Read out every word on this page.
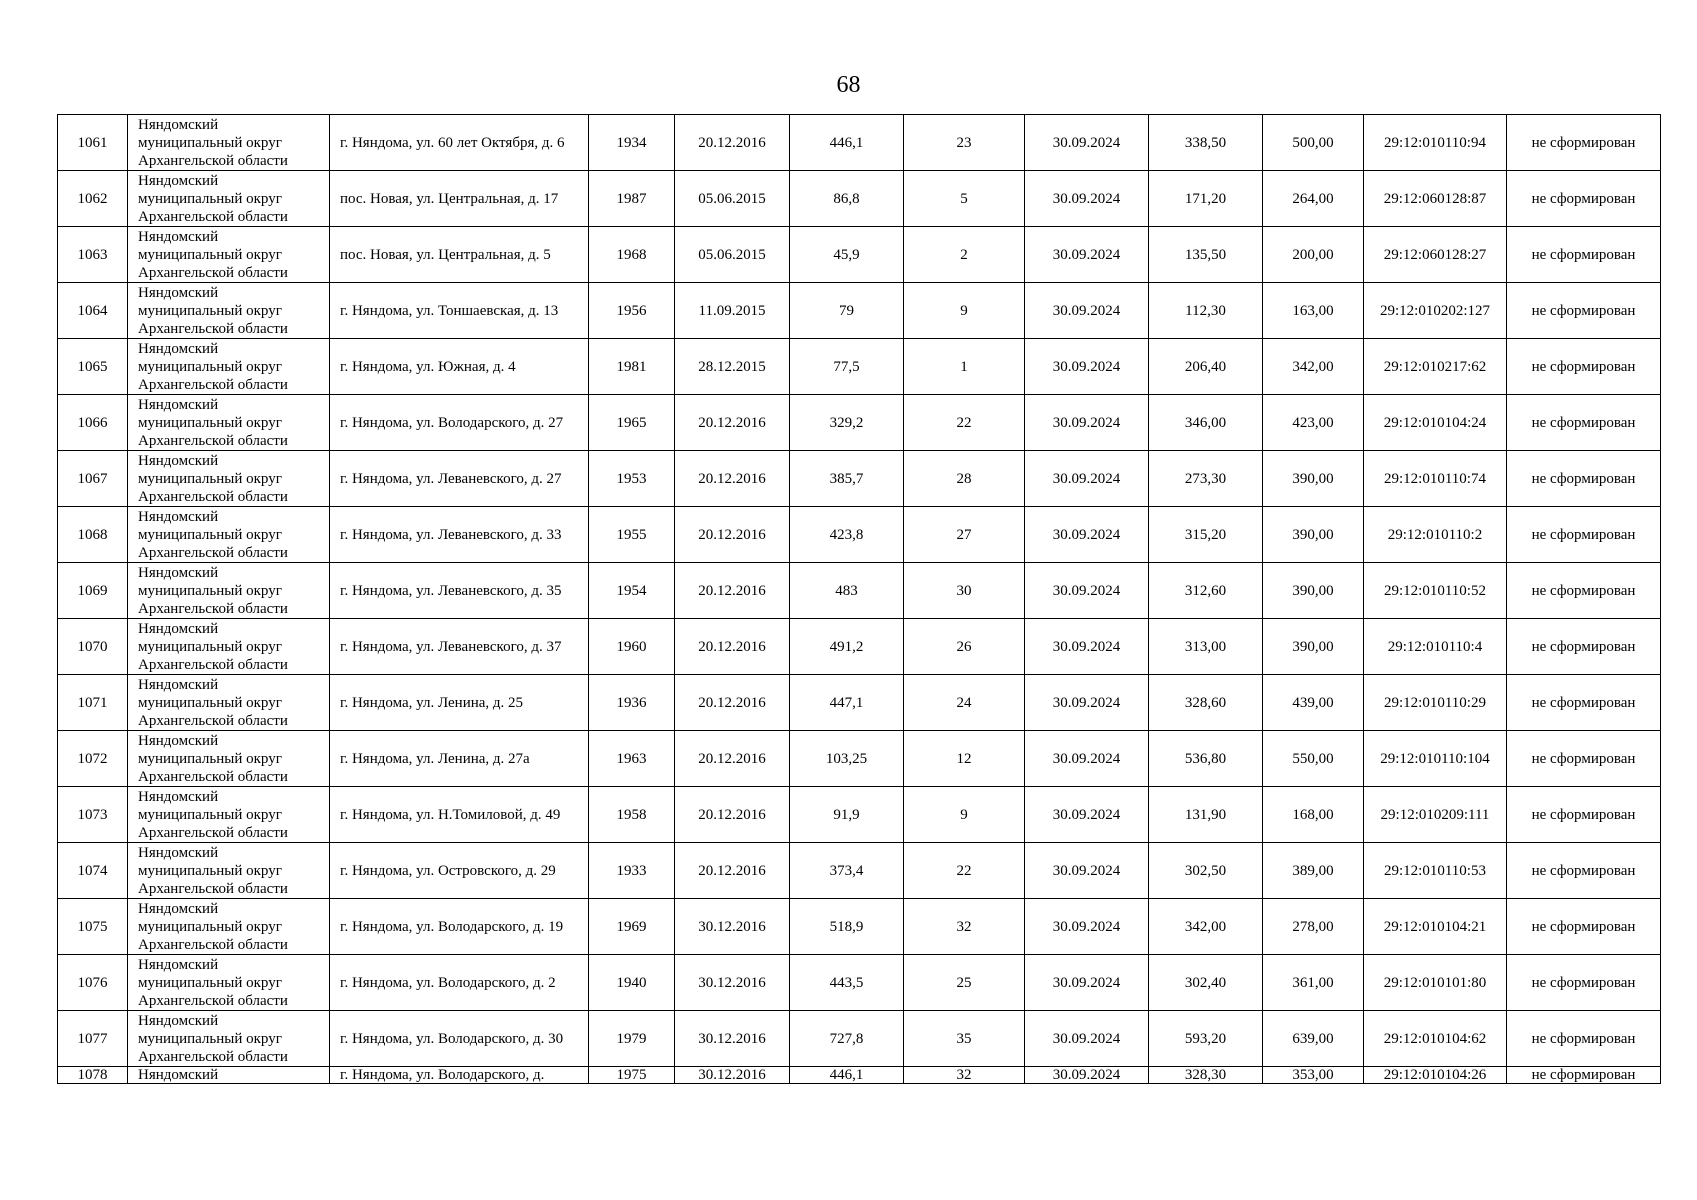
68
1061	Няндомский муниципальный округ Архангельской области	г. Няндома, ул. 60 лет Октября, д. 6	1934	20.12.2016	446,1	23	30.09.2024	338,50	500,00	29:12:010110:94	не сформирован
1062	Няндомский муниципальный округ Архангельской области	пос. Новая, ул. Центральная, д. 17	1987	05.06.2015	86,8	5	30.09.2024	171,20	264,00	29:12:060128:87	не сформирован
1063	Няндомский муниципальный округ Архангельской области	пос. Новая, ул. Центральная, д. 5	1968	05.06.2015	45,9	2	30.09.2024	135,50	200,00	29:12:060128:27	не сформирован
1064	Няндомский муниципальный округ Архангельской области	г. Няндома, ул. Тоншаевская, д. 13	1956	11.09.2015	79	9	30.09.2024	112,30	163,00	29:12:010202:127	не сформирован
1065	Няндомский муниципальный округ Архангельской области	г. Няндома, ул. Южная, д. 4	1981	28.12.2015	77,5	1	30.09.2024	206,40	342,00	29:12:010217:62	не сформирован
1066	Няндомский муниципальный округ Архангельской области	г. Няндома, ул. Володарского, д. 27	1965	20.12.2016	329,2	22	30.09.2024	346,00	423,00	29:12:010104:24	не сформирован
1067	Няндомский муниципальный округ Архангельской области	г. Няндома, ул. Леваневского, д. 27	1953	20.12.2016	385,7	28	30.09.2024	273,30	390,00	29:12:010110:74	не сформирован
1068	Няндомский муниципальный округ Архангельской области	г. Няндома, ул. Леваневского, д. 33	1955	20.12.2016	423,8	27	30.09.2024	315,20	390,00	29:12:010110:2	не сформирован
1069	Няндомский муниципальный округ Архангельской области	г. Няндома, ул. Леваневского, д. 35	1954	20.12.2016	483	30	30.09.2024	312,60	390,00	29:12:010110:52	не сформирован
1070	Няндомский муниципальный округ Архангельской области	г. Няндома, ул. Леваневского, д. 37	1960	20.12.2016	491,2	26	30.09.2024	313,00	390,00	29:12:010110:4	не сформирован
1071	Няндомский муниципальный округ Архангельской области	г. Няндома, ул. Ленина, д. 25	1936	20.12.2016	447,1	24	30.09.2024	328,60	439,00	29:12:010110:29	не сформирован
1072	Няндомский муниципальный округ Архангельской области	г. Няндома, ул. Ленина, д. 27а	1963	20.12.2016	103,25	12	30.09.2024	536,80	550,00	29:12:010110:104	не сформирован
1073	Няндомский муниципальный округ Архангельской области	г. Няндома, ул. Н.Томиловой, д. 49	1958	20.12.2016	91,9	9	30.09.2024	131,90	168,00	29:12:010209:111	не сформирован
1074	Няндомский муниципальный округ Архангельской области	г. Няндома, ул. Островского, д. 29	1933	20.12.2016	373,4	22	30.09.2024	302,50	389,00	29:12:010110:53	не сформирован
1075	Няндомский муниципальный округ Архангельской области	г. Няндома, ул. Володарского, д. 19	1969	30.12.2016	518,9	32	30.09.2024	342,00	278,00	29:12:010104:21	не сформирован
1076	Няндомский муниципальный округ Архангельской области	г. Няндома, ул. Володарского, д. 2	1940	30.12.2016	443,5	25	30.09.2024	302,40	361,00	29:12:010101:80	не сформирован
1077	Няндомский муниципальный округ Архангельской области	г. Няндома, ул. Володарского, д. 30	1979	30.12.2016	727,8	35	30.09.2024	593,20	639,00	29:12:010104:62	не сформирован
1078	Няндомский	г. Няндома, ул. Володарского, д.	1975	30.12.2016	446,1	32	30.09.2024	328,30	353,00	29:12:010104:26	не сформирован
